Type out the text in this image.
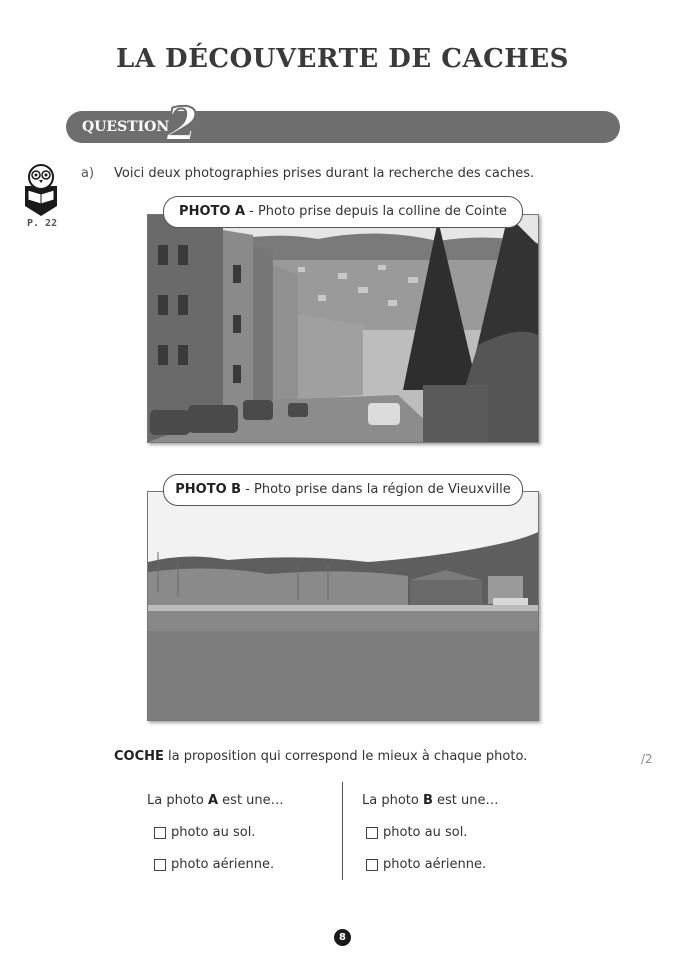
LA DÉCOUVERTE DE CACHES
QUESTION
2
P. 22
a) Voici deux photographies prises durant la recherche des caches.
PHOTO A - Photo prise depuis la colline de Cointe
PHOTO B - Photo prise dans la région de Vieuxville
COCHE la proposition qui correspond le mieux à chaque photo.	/2
La photo A est une…	La photo B est une…
photo au sol.
photo aérienne.
photo au sol.
photo aérienne.
8
